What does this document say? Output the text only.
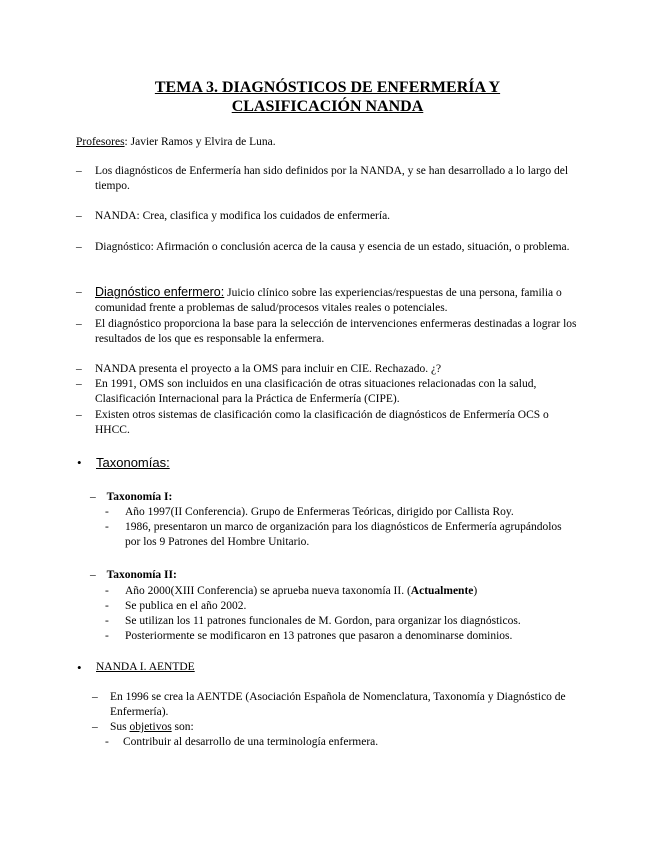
TEMA 3. DIAGNÓSTICOS DE ENFERMERÍA Y
CLASIFICACIÓN NANDA
Profesores: Javier Ramos y Elvira de Luna.
– Los diagnósticos de Enfermería han sido definidos por la NANDA, y se han desarrollado a lo largo del tiempo.
– NANDA: Crea, clasifica y modifica los cuidados de enfermería.
– Diagnóstico: Afirmación o conclusión acerca de la causa y esencia de un estado, situación, o problema.
– Diagnóstico enfermero: Juicio clínico sobre las experiencias/respuestas de una persona, familia o comunidad frente a problemas de salud/procesos vitales reales o potenciales.
– El diagnóstico proporciona la base para la selección de intervenciones enfermeras destinadas a lograr los resultados de los que es responsable la enfermera.
– NANDA presenta el proyecto a la OMS para incluir en CIE. Rechazado. ¿?
– En 1991, OMS son incluidos en una clasificación de otras situaciones relacionadas con la salud, Clasificación Internacional para la Práctica de Enfermería (CIPE).
– Existen otros sistemas de clasificación como la clasificación de diagnósticos de Enfermería OCS o HHCC.
• Taxonomías:
– Taxonomía I:
- Año 1997(II Conferencia). Grupo de Enfermeras Teóricas, dirigido por Callista Roy.
- 1986, presentaron un marco de organización para los diagnósticos de Enfermería agrupándolos por los 9 Patrones del Hombre Unitario.
– Taxonomía II:
- Año 2000(XIII Conferencia) se aprueba nueva taxonomía II. (Actualmente)
- Se publica en el año 2002.
- Se utilizan los 11 patrones funcionales de M. Gordon, para organizar los diagnósticos.
- Posteriormente se modificaron en 13 patrones que pasaron a denominarse dominios.
• NANDA I. AENTDE
– En 1996 se crea la AENTDE (Asociación Española de Nomenclatura, Taxonomía y Diagnóstico de Enfermería).
– Sus objetivos son:
- Contribuir al desarrollo de una terminología enfermera.
